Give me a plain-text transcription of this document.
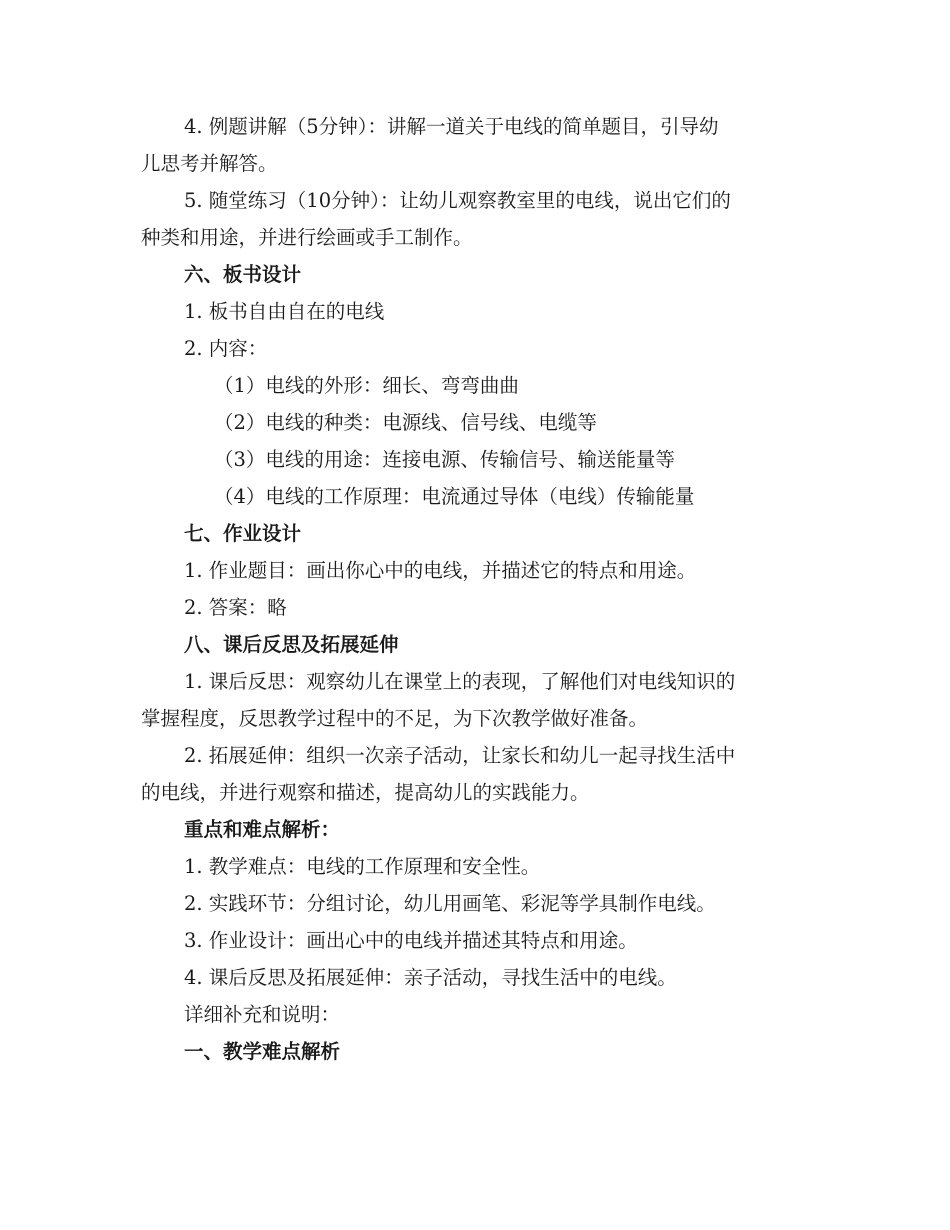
4. 例题讲解（5分钟）：讲解一道关于电线的简单题目，引导幼
儿思考并解答。
5. 随堂练习（10分钟）：让幼儿观察教室里的电线，说出它们的
种类和用途，并进行绘画或手工制作。
六、板书设计
1. 板书自由自在的电线
2. 内容：
（1）电线的外形：细长、弯弯曲曲
（2）电线的种类：电源线、信号线、电缆等
（3）电线的用途：连接电源、传输信号、输送能量等
（4）电线的工作原理：电流通过导体（电线）传输能量
七、作业设计
1. 作业题目：画出你心中的电线，并描述它的特点和用途。
2. 答案：略
八、课后反思及拓展延伸
1. 课后反思：观察幼儿在课堂上的表现，了解他们对电线知识的
掌握程度，反思教学过程中的不足，为下次教学做好准备。
2. 拓展延伸：组织一次亲子活动，让家长和幼儿一起寻找生活中
的电线，并进行观察和描述，提高幼儿的实践能力。
重点和难点解析：
1. 教学难点：电线的工作原理和安全性。
2. 实践环节：分组讨论，幼儿用画笔、彩泥等学具制作电线。
3. 作业设计：画出心中的电线并描述其特点和用途。
4. 课后反思及拓展延伸：亲子活动，寻找生活中的电线。
详细补充和说明：
一、教学难点解析
